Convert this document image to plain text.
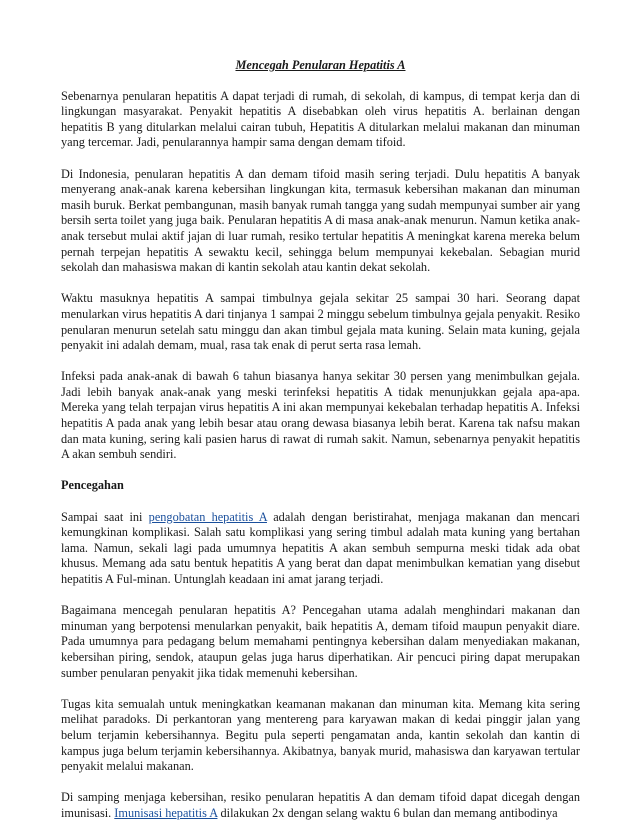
Mencegah Penularan Hepatitis A

Sebenarnya penularan hepatitis A dapat terjadi di rumah, di sekolah, di kampus, di tempat kerja dan di lingkungan masyarakat. Penyakit hepatitis A disebabkan oleh virus hepatitis A. berlainan dengan hepatitis B yang ditularkan melalui cairan tubuh, Hepatitis A ditularkan melalui makanan dan minuman yang tercemar. Jadi, penularannya hampir sama dengan demam tifoid.

Di Indonesia, penularan hepatitis A dan demam tifoid masih sering terjadi. Dulu hepatitis A banyak menyerang anak-anak karena kebersihan lingkungan kita, termasuk kebersihan makanan dan minuman masih buruk. Berkat pembangunan, masih banyak rumah tangga yang sudah mempunyai sumber air yang bersih serta toilet yang juga baik. Penularan hepatitis A di masa anak-anak menurun. Namun ketika anak-anak tersebut mulai aktif jajan di luar rumah, resiko tertular hepatitis A meningkat karena mereka belum pernah terpejan hepatitis A sewaktu kecil, sehingga belum mempunyai kekebalan. Sebagian murid sekolah dan mahasiswa makan di kantin sekolah atau kantin dekat sekolah.

Waktu masuknya hepatitis A sampai timbulnya gejala sekitar 25 sampai 30 hari. Seorang dapat menularkan virus hepatitis A dari tinjanya 1 sampai 2 minggu sebelum timbulnya gejala penyakit. Resiko penularan menurun setelah satu minggu dan akan timbul gejala mata kuning. Selain mata kuning, gejala penyakit ini adalah demam, mual, rasa tak enak di perut serta rasa lemah.

Infeksi pada anak-anak di bawah 6 tahun biasanya hanya sekitar 30 persen yang menimbulkan gejala. Jadi lebih banyak anak-anak yang meski terinfeksi hepatitis A tidak menunjukkan gejala apa-apa. Mereka yang telah terpajan virus hepatitis A ini akan mempunyai kekebalan terhadap hepatitis A. Infeksi hepatitis A pada anak yang lebih besar atau orang dewasa biasanya lebih berat. Karena tak nafsu makan dan mata kuning, sering kali pasien harus di rawat di rumah sakit. Namun, sebenarnya penyakit hepatitis A akan sembuh sendiri.

Pencegahan

Sampai saat ini pengobatan hepatitis A adalah dengan beristirahat, menjaga makanan dan mencari kemungkinan komplikasi. Salah satu komplikasi yang sering timbul adalah mata kuning yang bertahan lama. Namun, sekali lagi pada umumnya hepatitis A akan sembuh sempurna meski tidak ada obat khusus. Memang ada satu bentuk hepatitis A yang berat dan dapat menimbulkan kematian yang disebut hepatitis A Ful-minan. Untunglah keadaan ini amat jarang terjadi.

Bagaimana mencegah penularan hepatitis A? Pencegahan utama adalah menghindari makanan dan minuman yang berpotensi menularkan penyakit, baik hepatitis A, demam tifoid maupun penyakit diare. Pada umumnya para pedagang belum memahami pentingnya kebersihan dalam menyediakan makanan, kebersihan piring, sendok, ataupun gelas juga harus diperhatikan. Air pencuci piring dapat merupakan sumber penularan penyakit jika tidak memenuhi kebersihan.

Tugas kita semualah untuk meningkatkan keamanan makanan dan minuman kita. Memang kita sering melihat paradoks. Di perkantoran yang mentereng para karyawan makan di kedai pinggir jalan yang belum terjamin kebersihannya. Begitu pula seperti pengamatan anda, kantin sekolah dan kantin di kampus juga belum terjamin kebersihannya. Akibatnya, banyak murid, mahasiswa dan karyawan tertular penyakit melalui makanan.

Di samping menjaga kebersihan, resiko penularan hepatitis A dan demam tifoid dapat dicegah dengan imunisasi. Imunisasi hepatitis A dilakukan 2x dengan selang waktu 6 bulan dan memang antibodinya
